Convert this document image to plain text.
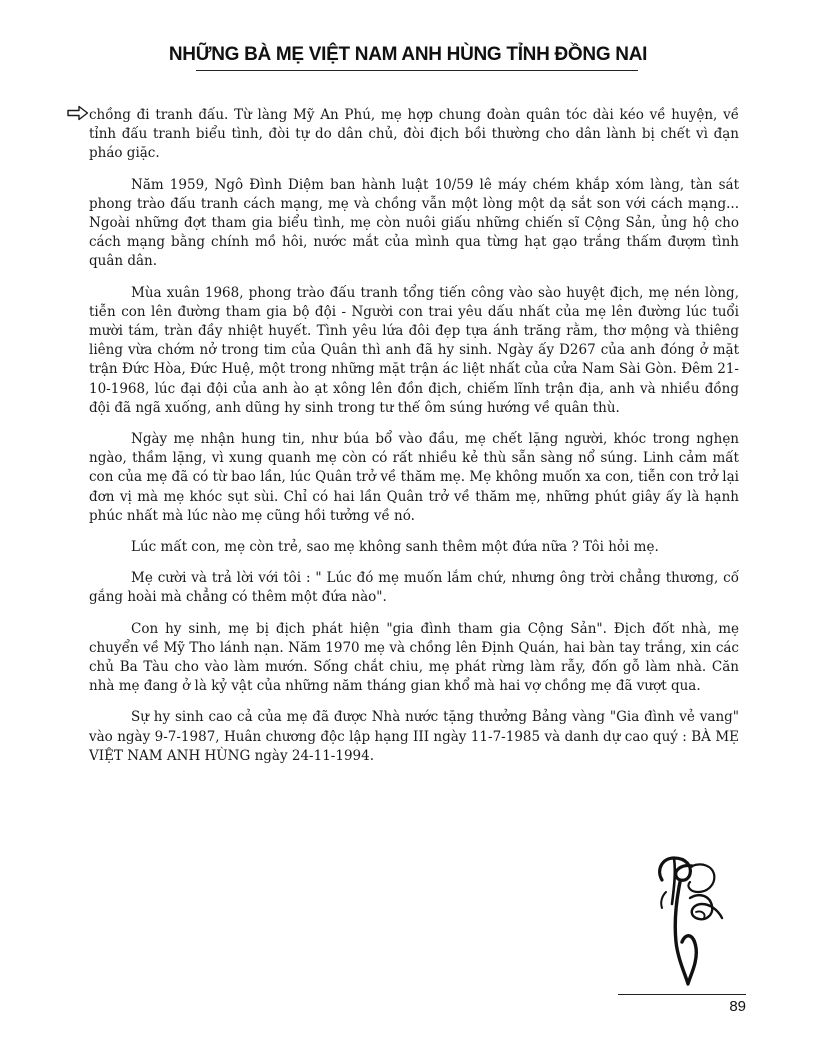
NHỮNG BÀ MẸ VIỆT NAM ANH HÙNG TỈNH ĐỒNG NAI

chồng đi tranh đấu. Từ làng Mỹ An Phú, mẹ hợp chung đoàn quân tóc dài kéo về huyện, về tỉnh đấu tranh biểu tình, đòi tự do dân chủ, đòi địch bồi thường cho dân lành bị chết vì đạn pháo giặc.

Năm 1959, Ngô Đình Diệm ban hành luật 10/59 lê máy chém khắp xóm làng, tàn sát phong trào đấu tranh cách mạng, mẹ và chồng vẫn một lòng một dạ sắt son với cách mạng... Ngoài những đợt tham gia biểu tình, mẹ còn nuôi giấu những chiến sĩ Cộng Sản, ủng hộ cho cách mạng bằng chính mồ hôi, nước mắt của mình qua từng hạt gạo trắng thấm đượm tình quân dân.

Mùa xuân 1968, phong trào đấu tranh tổng tiến công vào sào huyệt địch, mẹ nén lòng, tiễn con lên đường tham gia bộ đội - Người con trai yêu dấu nhất của mẹ lên đường lúc tuổi mười tám, tràn đầy nhiệt huyết. Tình yêu lứa đôi đẹp tựa ánh trăng rằm, thơ mộng và thiêng liêng vừa chớm nở trong tim của Quân thì anh đã hy sinh. Ngày ấy D267 của anh đóng ở mặt trận Đức Hòa, Đức Huệ, một trong những mặt trận ác liệt nhất của cửa Nam Sài Gòn. Đêm 21-10-1968, lúc đại đội của anh ào ạt xông lên đồn địch, chiếm lĩnh trận địa, anh và nhiều đồng đội đã ngã xuống, anh dũng hy sinh trong tư thế ôm súng hướng về quân thù.

Ngày mẹ nhận hung tin, như búa bổ vào đầu, mẹ chết lặng người, khóc trong nghẹn ngào, thầm lặng, vì xung quanh mẹ còn có rất nhiều kẻ thù sẵn sàng nổ súng. Linh cảm mất con của mẹ đã có từ bao lần, lúc Quân trở về thăm mẹ. Mẹ không muốn xa con, tiễn con trở lại đơn vị mà mẹ khóc sụt sùi. Chỉ có hai lần Quân trở về thăm mẹ, những phút giây ấy là hạnh phúc nhất mà lúc nào mẹ cũng hồi tưởng về nó.

Lúc mất con, mẹ còn trẻ, sao mẹ không sanh thêm một đứa nữa ? Tôi hỏi mẹ.

Mẹ cười và trả lời với tôi : " Lúc đó mẹ muốn lắm chứ, nhưng ông trời chẳng thương, cố gắng hoài mà chẳng có thêm một đứa nào".

Con hy sinh, mẹ bị địch phát hiện "gia đình tham gia Cộng Sản". Địch đốt nhà, mẹ chuyển về Mỹ Tho lánh nạn. Năm 1970 mẹ và chồng lên Định Quán, hai bàn tay trắng, xin các chủ Ba Tàu cho vào làm mướn. Sống chắt chiu, mẹ phát rừng làm rẫy, đốn gỗ làm nhà. Căn nhà mẹ đang ở là kỷ vật của những năm tháng gian khổ mà hai vợ chồng mẹ đã vượt qua.

Sự hy sinh cao cả của mẹ đã được Nhà nước tặng thưởng Bảng vàng "Gia đình vẻ vang" vào ngày 9-7-1987, Huân chương độc lập hạng III ngày 11-7-1985 và danh dự cao quý : BÀ MẸ VIỆT NAM ANH HÙNG ngày 24-11-1994.

89
